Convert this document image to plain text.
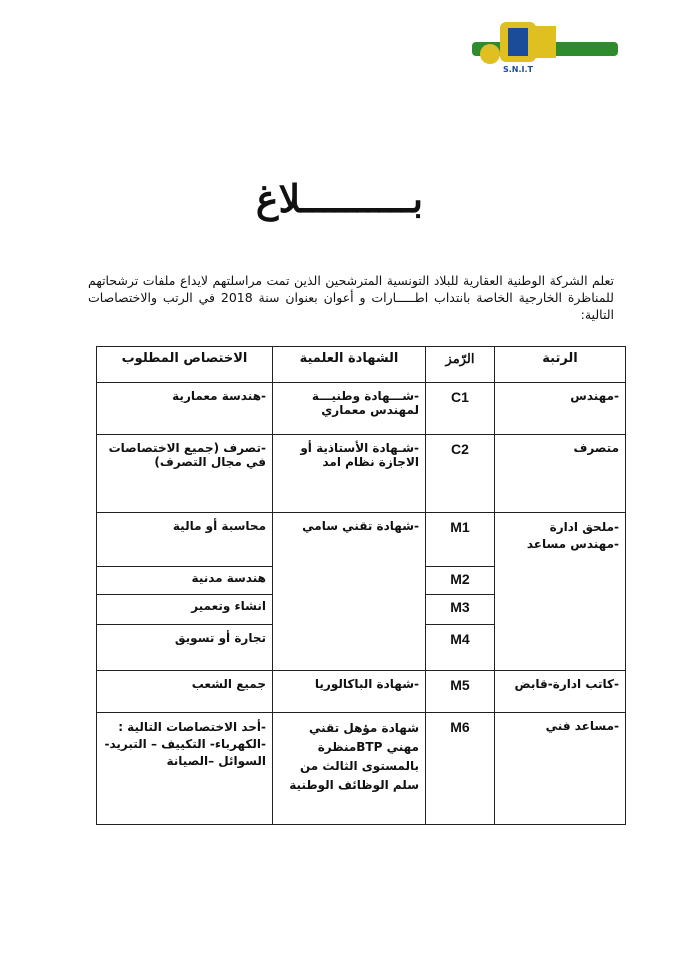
S.N.I.T
بــــــــــلاغ
تعلم الشركة الوطنية العقارية للبلاد التونسية المترشحين الذين تمت مراسلتهم لايداع ملفات ترشحاتهم للمناظرة الخارجية الخاصة بانتداب اطـــــارات و أعوان بعنوان سنة 2018 في الرتب والاختصاصات التالية:
الرتبة	الرّمز	الشهادة العلمية	الاختصاص المطلوب
-مهندس	C1	-شـــهادة وطنيـــة لمهندس معماري	-هندسة معمارية
متصرف	C2	-شـهادة الأستاذية أو الاجازة نظام امد	-تصرف (جميع الاختصاصات في مجال التصرف)

-ملحق ادارة
-مهندس مساعد	M1	-شهادة تقني سامي	محاسبة أو مالية
	M2		هندسة مدنية
	M3		انشاء وتعمير
	M4		تجارة أو تسويق
-كاتب ادارة-قابض	M5	-شهادة الباكالوريا	جميع الشعب
-مساعد فني	M6	شهادة مؤهل تقني مهني BTPمنظرة بالمستوى الثالث من سلم الوظائف الوطنية	-أحد الاختصاصات التالية : -الكهرباء- التكييف – التبريد- السوائل –الصيانة
